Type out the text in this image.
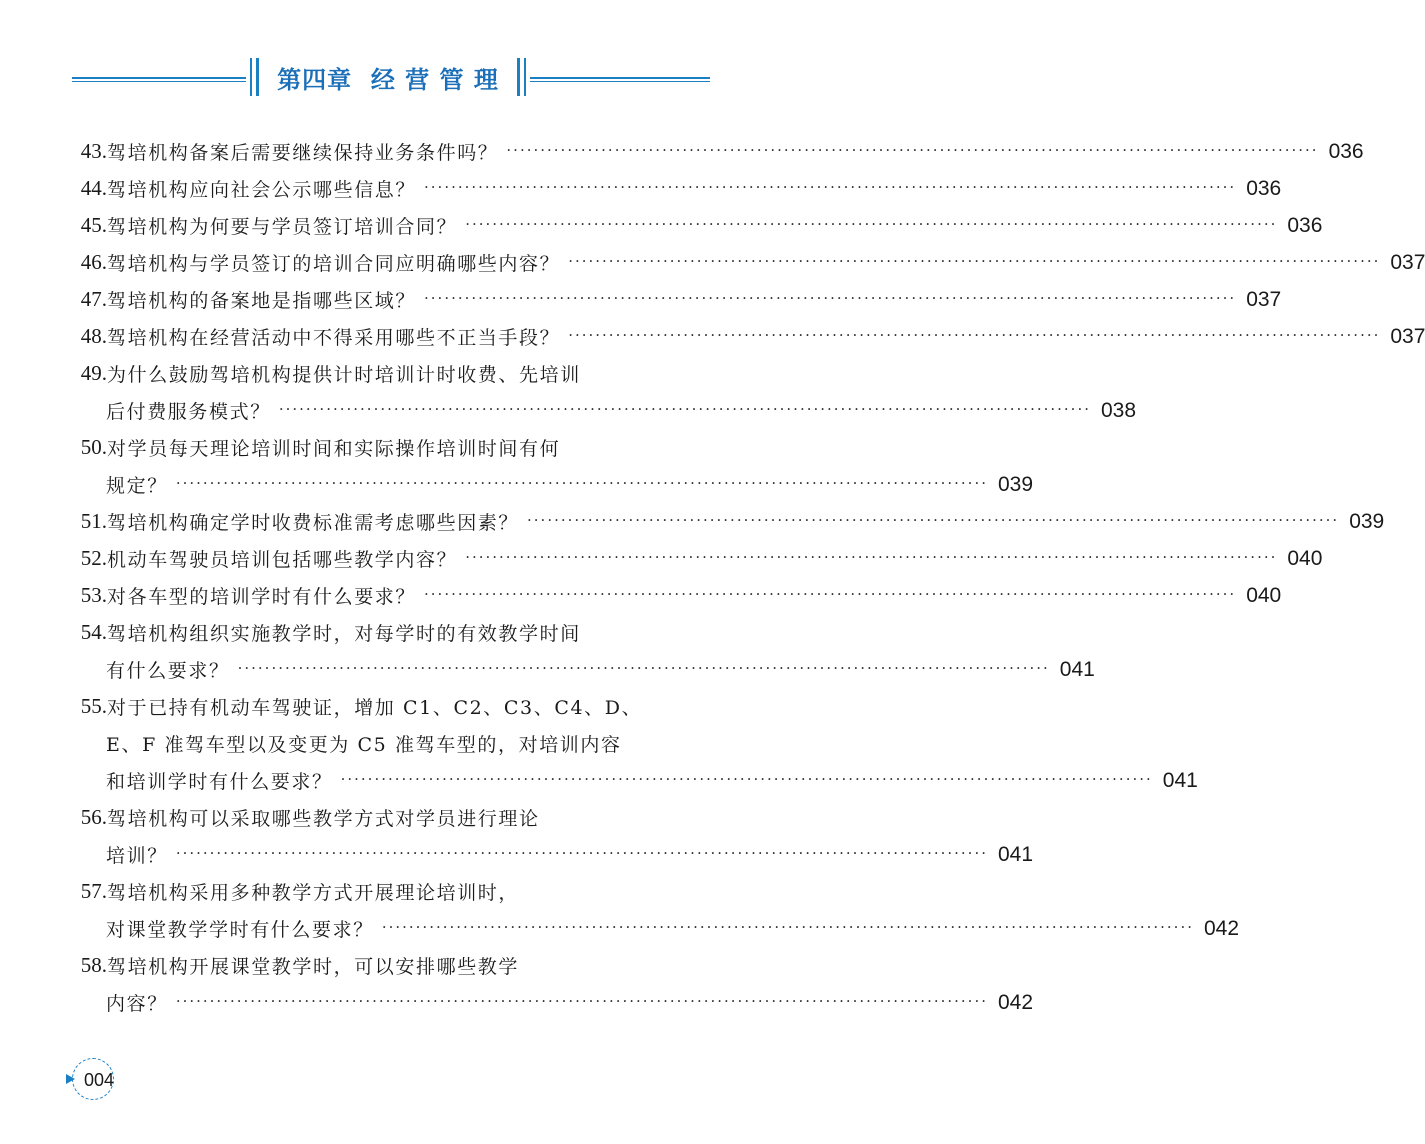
第四章  经 营 管 理
43. 驾培机构备案后需要继续保持业务条件吗？ ························································································································ 036
44. 驾培机构应向社会公示哪些信息？ ························································································································ 036
45. 驾培机构为何要与学员签订培训合同？ ························································································································ 036
46. 驾培机构与学员签订的培训合同应明确哪些内容？ ························································································································ 037
47. 驾培机构的备案地是指哪些区域？ ························································································································ 037
48. 驾培机构在经营活动中不得采用哪些不正当手段？ ························································································································ 037
49. 为什么鼓励驾培机构提供计时培训计时收费、先培训
后付费服务模式？ ························································································································ 038
50. 对学员每天理论培训时间和实际操作培训时间有何
规定？ ························································································································ 039
51. 驾培机构确定学时收费标准需考虑哪些因素？ ························································································································ 039
52. 机动车驾驶员培训包括哪些教学内容？ ························································································································ 040
53. 对各车型的培训学时有什么要求？ ························································································································ 040
54. 驾培机构组织实施教学时，对每学时的有效教学时间
有什么要求？ ························································································································ 041
55. 对于已持有机动车驾驶证，增加 C1、C2、C3、C4、D、
E、F 准驾车型以及变更为 C5 准驾车型的，对培训内容
和培训学时有什么要求？ ························································································································ 041
56. 驾培机构可以采取哪些教学方式对学员进行理论
培训？ ························································································································ 041
57. 驾培机构采用多种教学方式开展理论培训时，
对课堂教学学时有什么要求？ ························································································································ 042
58. 驾培机构开展课堂教学时，可以安排哪些教学
内容？ ························································································································ 042
004
